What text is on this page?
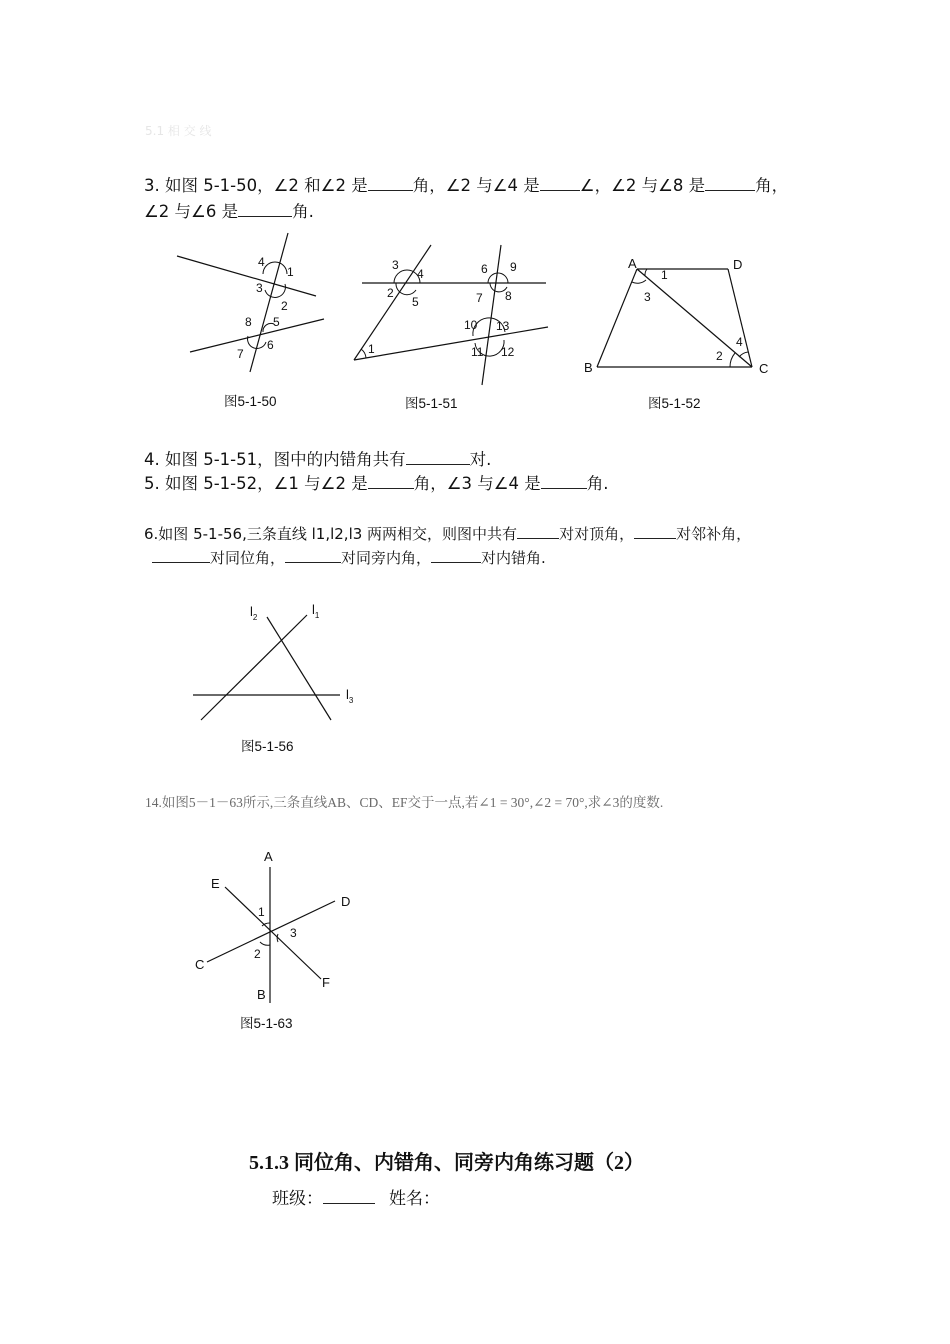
5.1 相 交 线
3. 如图 5-1-50，∠2 和∠2 是	角，∠2 与∠4 是 ∠，∠2 与∠8 是	角，
∠2 与∠6 是	角.
4
1
3
2
8 5
7
6
图5-1-50
3
4
2
5
6 9
7 8
10 13
11 12
1
图5-1-51
A	D
1
3
B	C
2
4
图5-1-52
4. 如图 5-1-51，图中的内错角共有	对.
5. 如图 5-1-52，∠1 与∠2 是	角，∠3 与∠4 是	角.
6.如图 5-1-56,三条直线 l1,l2,l3 两两相交，则图中共有	对对顶角，	对邻补角，
对同位角，	对同旁内角，	对内错角.
$l_2$
$l_1$
$l_3$
图5-1-56
14.如图5－1－63所示,三条直线AB、CD、EF交于一点,若∠1 = 30°,∠2 = 70°,求∠3的度数.
A
E
D
1
3
C
2
F
B
图5-1-63
5.1.3 同位角、内错角、同旁内角练习题（2）
班级：	姓名：
